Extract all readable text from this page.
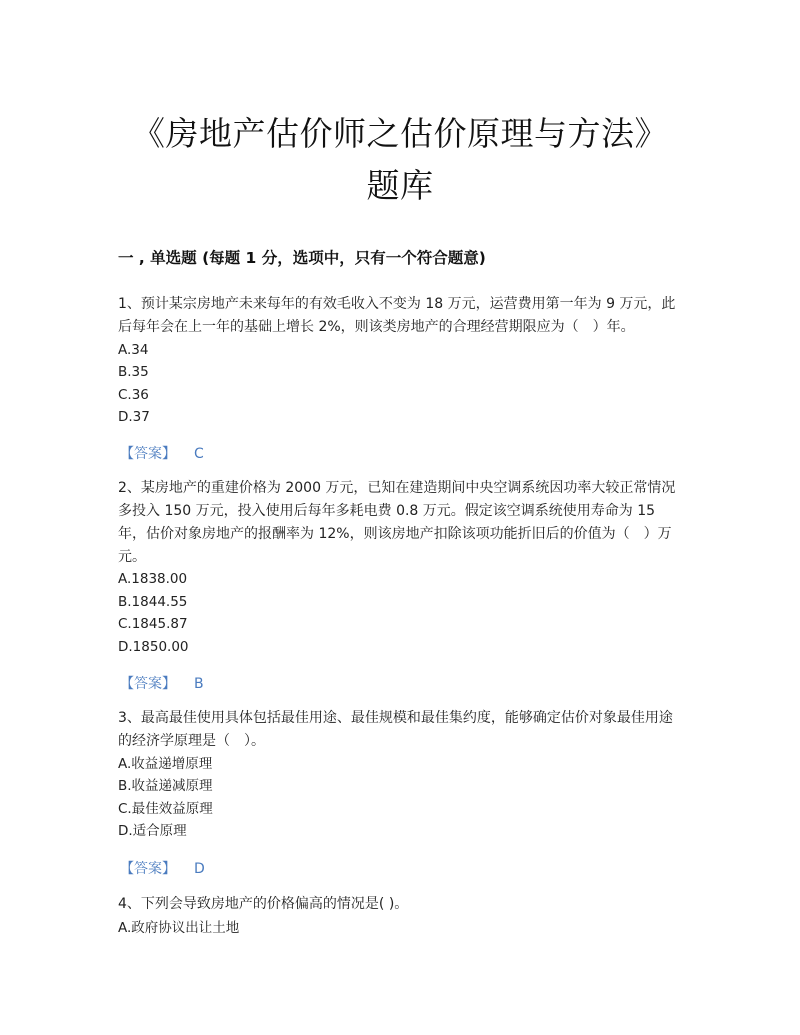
《房地产估价师之估价原理与方法》
题库
一 , 单选题 (每题 1 分，选项中，只有一个符合题意)
1、预计某宗房地产未来每年的有效毛收入不变为 18 万元，运营费用第一年为 9 万元，此后每年会在上一年的基础上增长 2%，则该类房地产的合理经营期限应为（　）年。
A.34
B.35
C.36
D.37
【答案】 C
2、某房地产的重建价格为 2000 万元，已知在建造期间中央空调系统因功率大较正常情况多投入 150 万元，投入使用后每年多耗电费 0.8 万元。假定该空调系统使用寿命为 15 年，估价对象房地产的报酬率为 12%，则该房地产扣除该项功能折旧后的价值为（　）万元。
A.1838.00
B.1844.55
C.1845.87
D.1850.00
【答案】 B
3、最高最佳使用具体包括最佳用途、最佳规模和最佳集约度，能够确定估价对象最佳用途的经济学原理是（　）。
A.收益递增原理
B.收益递减原理
C.最佳效益原理
D.适合原理
【答案】 D
4、下列会导致房地产的价格偏高的情况是( )。
A.政府协议出让土地
